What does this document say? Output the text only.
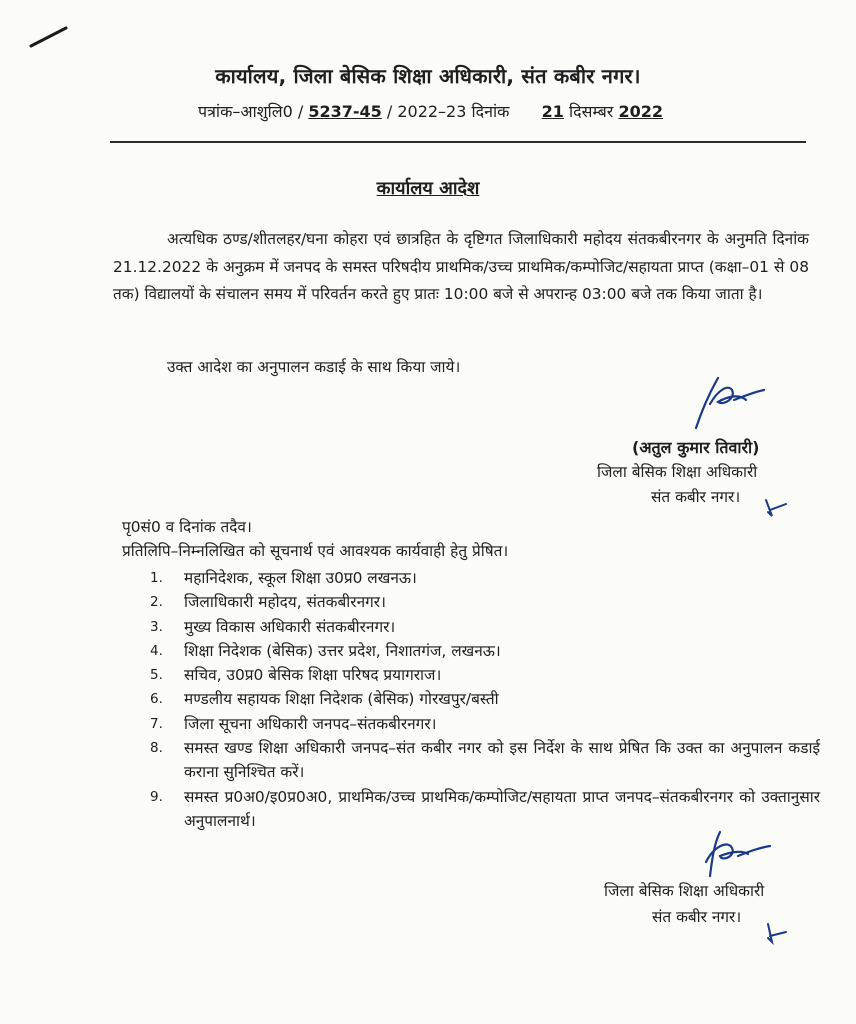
कार्यालय, जिला बेसिक शिक्षा अधिकारी, संत कबीर नगर।
पत्रांक–आशुलि0 / 5237-45 / 2022–23 दिनांक 21 दिसम्बर 2022
कार्यालय आदेश
अत्यधिक ठण्ड/शीतलहर/घना कोहरा एवं छात्रहित के दृष्टिगत जिलाधिकारी महोदय संतकबीरनगर के अनुमति दिनांक 21.12.2022 के अनुक्रम में जनपद के समस्त परिषदीय प्राथमिक/उच्च प्राथमिक/कम्पोजिट/सहायता प्राप्त (कक्षा–01 से 08 तक) विद्यालयों के संचालन समय में परिवर्तन करते हुए प्रातः 10:00 बजे से अपरान्ह 03:00 बजे तक किया जाता है।
उक्त आदेश का अनुपालन कडाई के साथ किया जाये।
(अतुल कुमार तिवारी)
जिला बेसिक शिक्षा अधिकारी
संत कबीर नगर।
पृ0सं0 व दिनांक तदैव।
प्रतिलिपि–निम्नलिखित को सूचनार्थ एवं आवश्यक कार्यवाही हेतु प्रेषित।
1.	महानिदेशक, स्कूल शिक्षा उ0प्र0 लखनऊ।
2.	जिलाधिकारी महोदय, संतकबीरनगर।
3.	मुख्य विकास अधिकारी संतकबीरनगर।
4.	शिक्षा निदेशक (बेसिक) उत्तर प्रदेश, निशातगंज, लखनऊ।
5.	सचिव, उ0प्र0 बेसिक शिक्षा परिषद प्रयागराज।
6.	मण्डलीय सहायक शिक्षा निदेशक (बेसिक) गोरखपुर/बस्ती
7.	जिला सूचना अधिकारी जनपद–संतकबीरनगर।
8.	समस्त खण्ड शिक्षा अधिकारी जनपद–संत कबीर नगर को इस निर्देश के साथ प्रेषित कि उक्त का अनुपालन कडाई कराना सुनिश्चित करें।
9.	समस्त प्र0अ0/इ0प्र0अ0, प्राथमिक/उच्च प्राथमिक/कम्पोजिट/सहायता प्राप्त जनपद–संतकबीरनगर को उक्तानुसार अनुपालनार्थ।
जिला बेसिक शिक्षा अधिकारी
संत कबीर नगर।
